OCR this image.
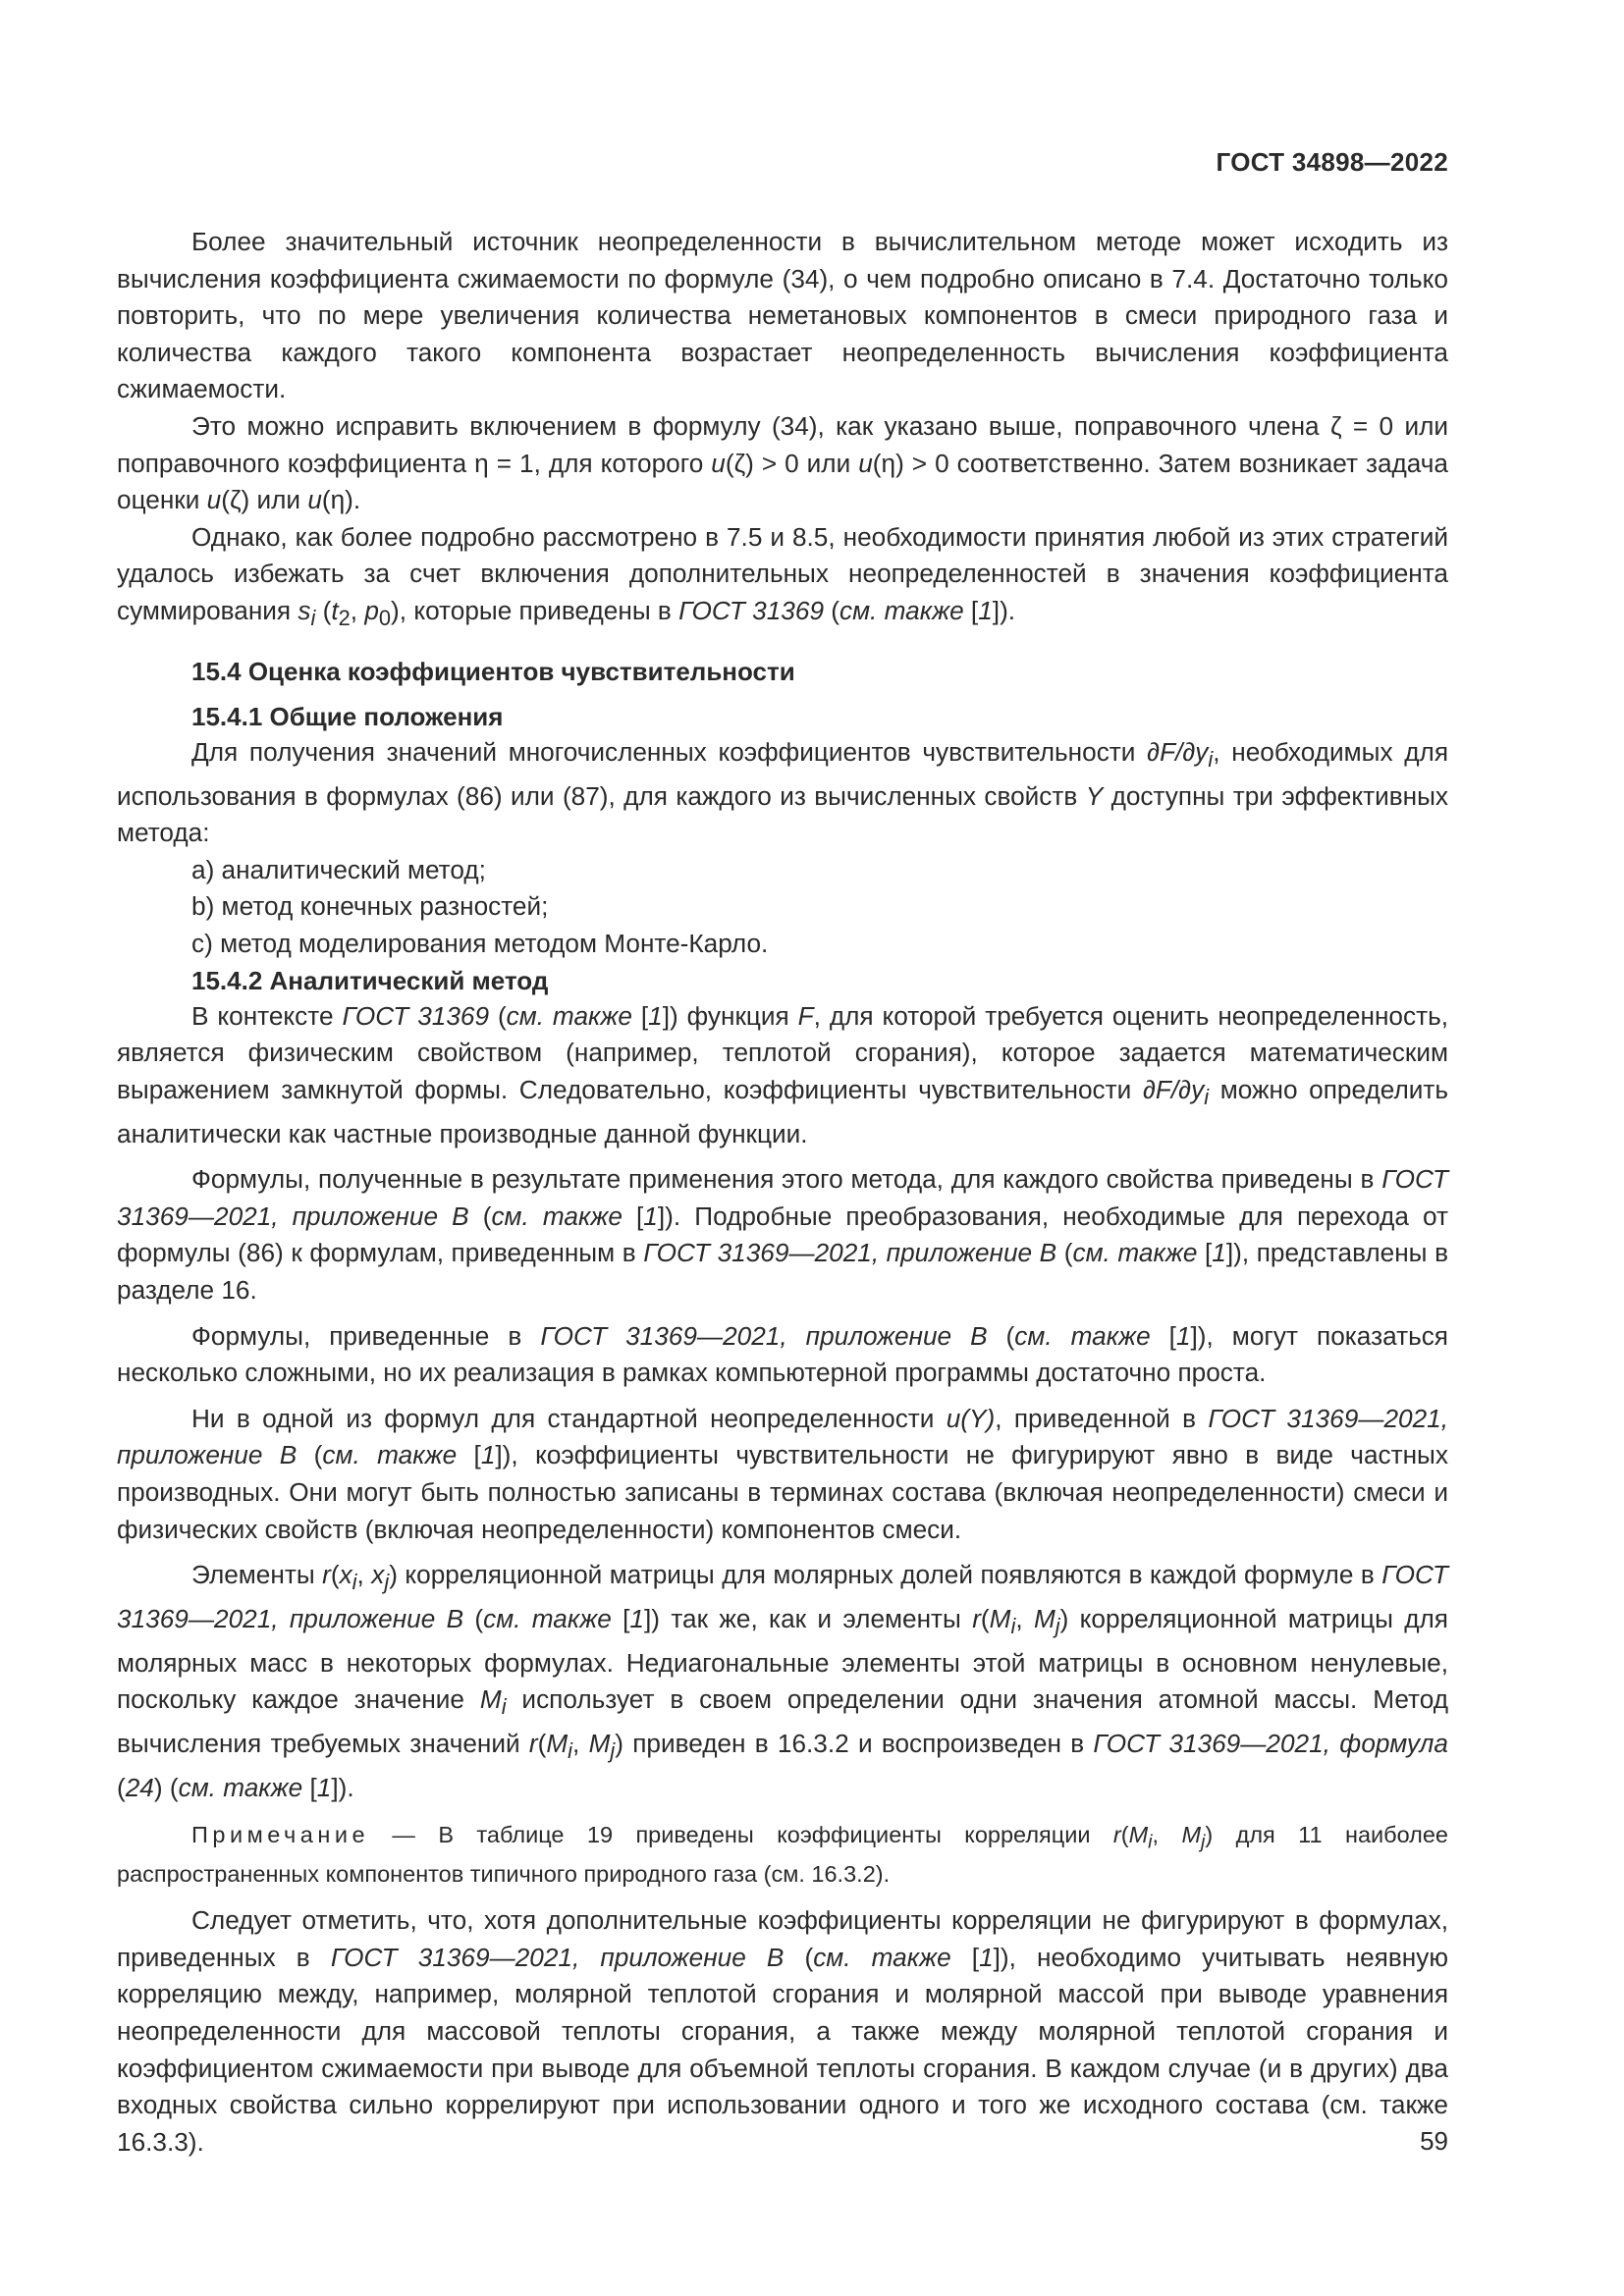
ГОСТ 34898—2022

Более значительный источник неопределенности в вычислительном методе может исходить из вычисления коэффициента сжимаемости по формуле (34), о чем подробно описано в 7.4. Достаточно только повторить, что по мере увеличения количества неметановых компонентов в смеси природного газа и количества каждого такого компонента возрастает неопределенность вычисления коэффициента сжимаемости.

Это можно исправить включением в формулу (34), как указано выше, поправочного члена ζ = 0 или поправочного коэффициента η = 1, для которого u(ζ) > 0 или u(η) > 0 соответственно. Затем возникает задача оценки u(ζ) или u(η).

Однако, как более подробно рассмотрено в 7.5 и 8.5, необходимости принятия любой из этих стратегий удалось избежать за счет включения дополнительных неопределенностей в значения коэффициента суммирования $s_i$ ($t_2$, $p_0$), которые приведены в ГОСТ 31369 (см. также [1]).

15.4 Оценка коэффициентов чувствительности
15.4.1 Общие положения

Для получения значений многочисленных коэффициентов чувствительности $\partial F/\partial y_i$, необходимых для использования в формулах (86) или (87), для каждого из вычисленных свойств Y доступны три эффективных метода:

а) аналитический метод;
b) метод конечных разностей;
с) метод моделирования методом Монте-Карло.
15.4.2 Аналитический метод

В контексте ГОСТ 31369 (см. также [1]) функция F, для которой требуется оценить неопределенность, является физическим свойством (например, теплотой сгорания), которое задается математическим выражением замкнутой формы. Следовательно, коэффициенты чувствительности $\partial F/\partial y_i$ можно определить аналитически как частные производные данной функции.

Формулы, полученные в результате применения этого метода, для каждого свойства приведены в ГОСТ 31369—2021, приложение В (см. также [1]). Подробные преобразования, необходимые для перехода от формулы (86) к формулам, приведенным в ГОСТ 31369—2021, приложение В (см. также [1]), представлены в разделе 16.

Формулы, приведенные в ГОСТ 31369—2021, приложение В (см. также [1]), могут показаться несколько сложными, но их реализация в рамках компьютерной программы достаточно проста.

Ни в одной из формул для стандартной неопределенности u(Y), приведенной в ГОСТ 31369—2021, приложение В (см. также [1]), коэффициенты чувствительности не фигурируют явно в виде частных производных. Они могут быть полностью записаны в терминах состава (включая неопределенности) смеси и физических свойств (включая неопределенности) компонентов смеси.

Элементы $r(x_i$, $x_j$) корреляционной матрицы для молярных долей появляются в каждой формуле в ГОСТ 31369—2021, приложение В (см. также [1]) так же, как и элементы $r(M_i$, $M_j$) корреляционной матрицы для молярных масс в некоторых формулах. Недиагональные элементы этой матрицы в основном ненулевые, поскольку каждое значение $M_i$ использует в своем определении одни значения атомной массы. Метод вычисления требуемых значений $r(M_i$, $M_j$) приведен в 16.3.2 и воспроизведен в ГОСТ 31369—2021, формула (24) (см. также [1]).

Примечание — В таблице 19 приведены коэффициенты корреляции $r(M_i$, $M_j$) для 11 наиболее распространенных компонентов типичного природного газа (см. 16.3.2).

Следует отметить, что, хотя дополнительные коэффициенты корреляции не фигурируют в формулах, приведенных в ГОСТ 31369—2021, приложение В (см. также [1]), необходимо учитывать неявную корреляцию между, например, молярной теплотой сгорания и молярной массой при выводе уравнения неопределенности для массовой теплоты сгорания, а также между молярной теплотой сгорания и коэффициентом сжимаемости при выводе для объемной теплоты сгорания. В каждом случае (и в других) два входных свойства сильно коррелируют при использовании одного и того же исходного состава (см. также 16.3.3).	59
